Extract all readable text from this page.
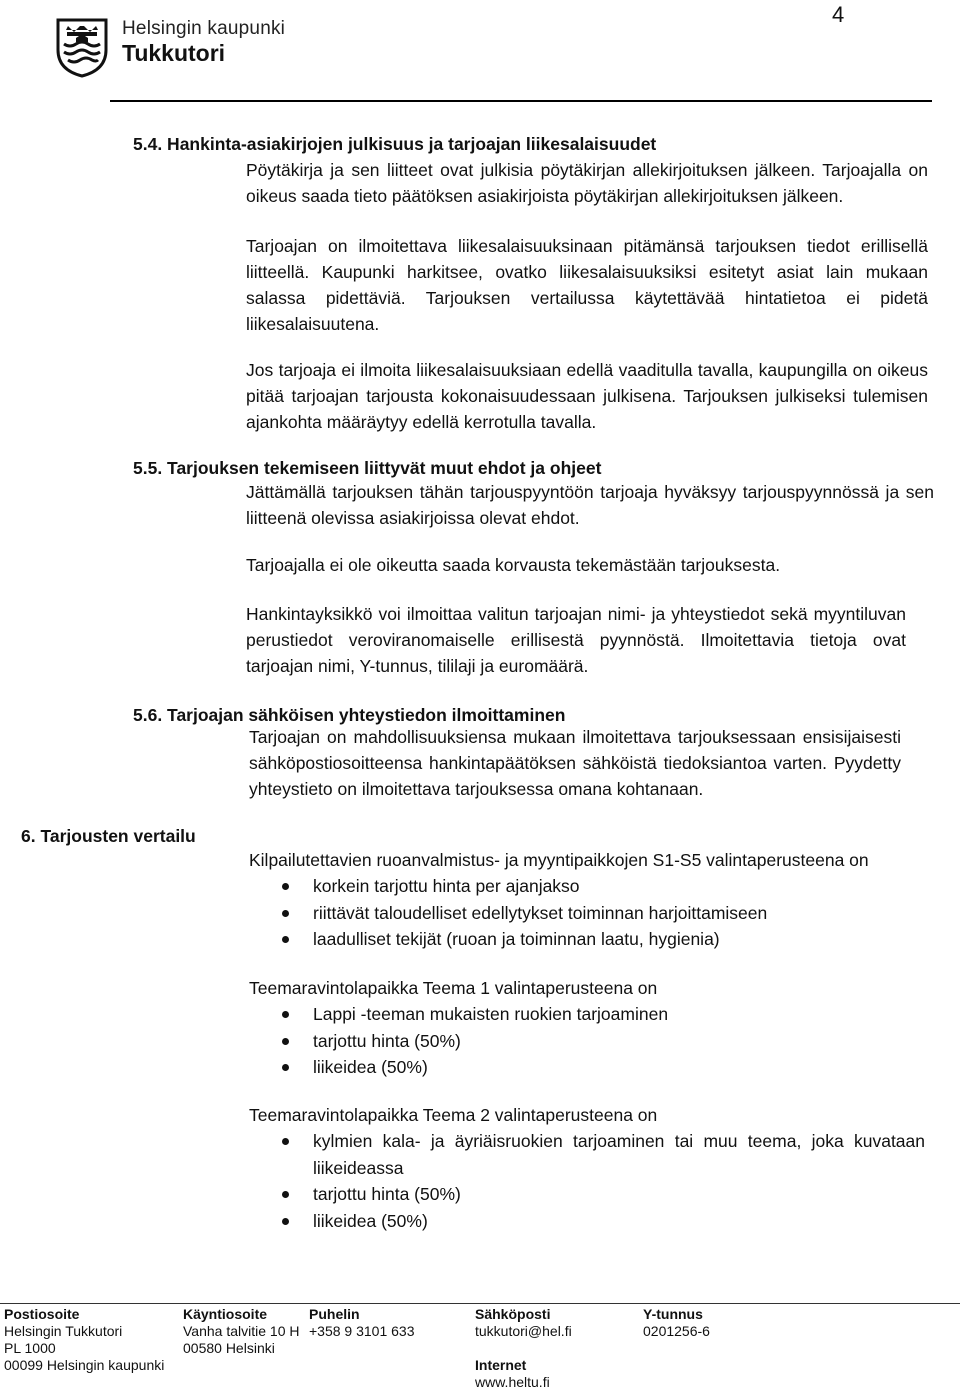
Helsingin kaupunki
Tukkutori
4
5.4. Hankinta-asiakirjojen julkisuus ja tarjoajan liikesalaisuudet
Pöytäkirja ja sen liitteet ovat julkisia pöytäkirjan allekirjoituksen jälkeen. Tarjoajalla on oikeus saada tieto päätöksen asiakirjoista pöytäkirjan allekirjoituksen jälkeen.
Tarjoajan on ilmoitettava liikesalaisuuksinaan pitämänsä tarjouksen tiedot erillisellä liitteellä. Kaupunki harkitsee, ovatko liikesalaisuuksiksi esitetyt asiat lain mukaan salassa pidettäviä. Tarjouksen vertailussa käytettävää hintatietoa ei pidetä liikesalaisuutena.
Jos tarjoaja ei ilmoita liikesalaisuuksiaan edellä vaaditulla tavalla, kaupungilla on oikeus pitää tarjoajan tarjousta kokonaisuudessaan julkisena. Tarjouksen julkiseksi tulemisen ajankohta määräytyy edellä kerrotulla tavalla.
5.5. Tarjouksen tekemiseen liittyvät muut ehdot ja ohjeet
Jättämällä tarjouksen tähän tarjouspyyntöön tarjoaja hyväksyy tarjouspyynnössä ja sen liitteenä olevissa asiakirjoissa olevat ehdot.
Tarjoajalla ei ole oikeutta saada korvausta tekemästään tarjouksesta.
Hankintayksikkö voi ilmoittaa valitun tarjoajan nimi- ja yhteystiedot sekä myyntiluvan perustiedot veroviranomaiselle erillisestä pyynnöstä. Ilmoitettavia tietoja ovat tarjoajan nimi, Y-tunnus, tililaji ja euromäärä.
5.6. Tarjoajan sähköisen yhteystiedon ilmoittaminen
Tarjoajan on mahdollisuuksiensa mukaan ilmoitettava tarjouksessaan ensisijaisesti sähköpostiosoitteensa hankintapäätöksen sähköistä tiedoksiantoa varten. Pyydetty yhteystieto on ilmoitettava tarjouksessa omana kohtanaan.
6. Tarjousten vertailu
Kilpailutettavien ruoanvalmistus- ja myyntipaikkojen S1-S5 valintaperusteena on
korkein tarjottu hinta per ajanjakso
riittävät taloudelliset edellytykset toiminnan harjoittamiseen
laadulliset tekijät (ruoan ja toiminnan laatu, hygienia)
Teemaravintolapaikka Teema 1 valintaperusteena on
Lappi -teeman mukaisten ruokien tarjoaminen
tarjottu hinta (50%)
liikeidea (50%)
Teemaravintolapaikka Teema 2 valintaperusteena on
kylmien kala- ja äyriäisruokien tarjoaminen tai muu teema, joka kuvataan liikeideassa
tarjottu hinta (50%)
liikeidea (50%)
Postiosoite
Helsingin Tukkutori
PL 1000
00099 Helsingin kaupunki
Käyntiosoite
Vanha talvitie 10 H
00580 Helsinki
Puhelin
+358 9 3101 633
Sähköposti
tukkutori@hel.fi
Internet
www.heltu.fi
Y-tunnus
0201256-6
